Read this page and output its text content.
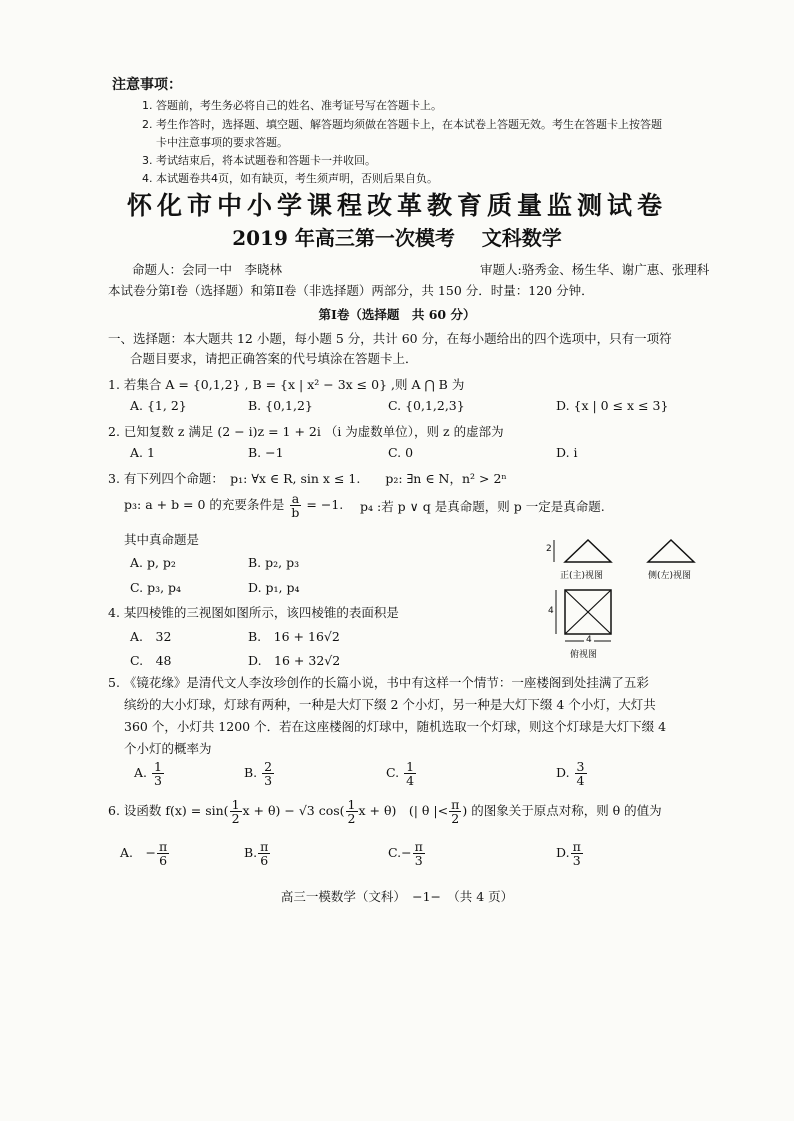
注意事项：
1. 答题前，考生务必将自己的姓名、准考证号写在答题卡上。
2. 考生作答时，选择题、填空题、解答题均须做在答题卡上，在本试卷上答题无效。考生在答题卡上按答题
卡中注意事项的要求答题。
3. 考试结束后，将本试题卷和答题卡一并收回。
4. 本试题卷共4页，如有缺页，考生须声明，否则后果自负。
怀化市中小学课程改革教育质量监测试卷
2019 年高三第一次模考　 文科数学
命题人：会同一中　李晓林	审题人:骆秀金、杨生华、谢广惠、张理科
本试卷分第Ⅰ卷（选择题）和第Ⅱ卷（非选择题）两部分，共 150 分．时量：120 分钟．
第Ⅰ卷（选择题　共 60 分）
一、选择题：本大题共 12 小题，每小题 5 分，共计 60 分，在每小题给出的四个选项中，只有一项符
合题目要求，请把正确答案的代号填涂在答题卡上．
1. 若集合 A = {0,1,2} , B = {x | x² − 3x ≤ 0} ,则 A ⋂ B 为
A. {1, 2}	B. {0,1,2}	C. {0,1,2,3}	D. {x | 0 ≤ x ≤ 3}
2. 已知复数 z 满足 (2 − i)z = 1 + 2i （i 为虚数单位），则 z 的虚部为
A. 1	B. −1	C. 0	D. i
3. 有下列四个命题：　p₁: ∀x ∈ R, sin x ≤ 1.　　p₂: ∃n ∈ N，n² > 2ⁿ
p₃: a + b = 0 的充要条件是 $\frac{a}{b} = -1$. p₄ :若 p ∨ q 是真命题，则 p 一定是真命题.
其中真命题是
A. p, p₂	B. p₂, p₃
C. p₃, p₄	D. p₁, p₄
4. 某四棱锥的三视图如图所示，该四棱锥的表面积是
A.　32	B.　16 + 16√2
C.　48	D.　16 + 32√2
2
4
4
正(主)视图	侧(左)视图
俯视图
5. 《镜花缘》是清代文人李汝珍创作的长篇小说，书中有这样一个情节：一座楼阁到处挂满了五彩
缤纷的大小灯球，灯球有两种，一种是大灯下缀 2 个小灯，另一种是大灯下缀 4 个小灯，大灯共
360 个，小灯共 1200 个．若在这座楼阁的灯球中，随机选取一个灯球，则这个灯球是大灯下缀 4
个小灯的概率为
A. $\frac{1}{3}$	B. $\frac{2}{3}$	C. $\frac{1}{4}$	D. $\frac{3}{4}$
6. 设函数 $f(x) = \sin( \frac{1}{2}$ x + θ) − √3 $\cos( \frac{1}{2}$ x + θ)　(| θ |< $\frac{\pi}{2}$ ) 的图象关于原点对称，则 θ 的值为
A.　− $\frac{\pi}{6}$	B. $\frac{\pi}{6}$	$C.- \frac{\pi}{3}$	D. $\frac{\pi}{3}$
高三一模数学（文科）　−1−　（共 4 页）
